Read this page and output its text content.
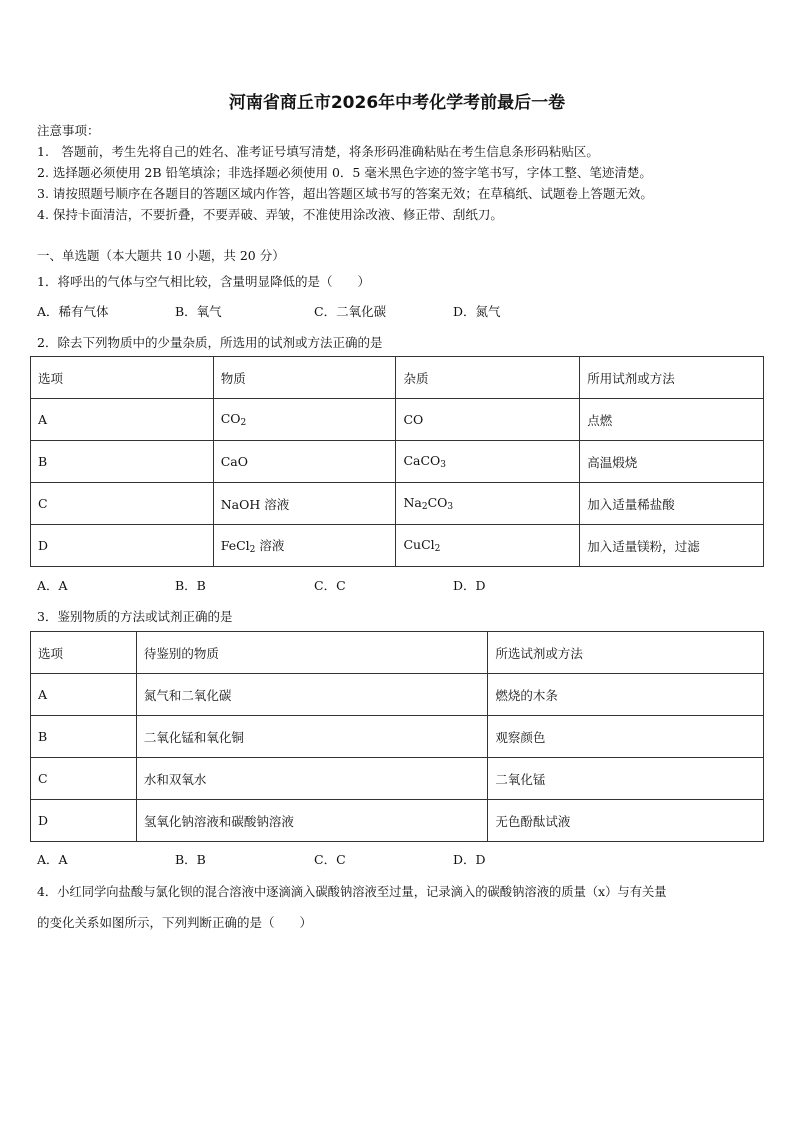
河南省商丘市2026年中考化学考前最后一卷
注意事项：
1.　答题前，考生先将自己的姓名、准考证号填写清楚，将条形码准确粘贴在考生信息条形码粘贴区。
2. 选择题必须使用 2B 铅笔填涂；非选择题必须使用 0．5 毫米黑色字迹的签字笔书写，字体工整、笔迹清楚。
3. 请按照题号顺序在各题目的答题区域内作答，超出答题区域书写的答案无效；在草稿纸、试题卷上答题无效。
4. 保持卡面清洁，不要折叠，不要弄破、弄皱，不准使用涂改液、修正带、刮纸刀。
一、单选题（本大题共 10 小题，共 20 分）
1．将呼出的气体与空气相比较，含量明显降低的是（　　）
A．稀有气体	B．氧气	C．二氧化碳	D．氮气
2．除去下列物质中的少量杂质，所选用的试剂或方法正确的是
选项	物质	杂质	所用试剂或方法
A	$CO_2$	CO	点燃
B	CaO	CaCO$_3$	高温煅烧
C	NaOH 溶液	$Na_2CO_3$	加入适量稀盐酸
D	FeCl$_2$ 溶液	CuCl$_2$	加入适量镁粉，过滤
A．A	B．B	C．C	D．D
3．鉴别物质的方法或试剂正确的是
选项	待鉴别的物质	所选试剂或方法
A	氮气和二氧化碳	燃烧的木条
B	二氧化锰和氧化铜	观察颜色
C	水和双氧水	二氧化锰
D	氢氧化钠溶液和碳酸钠溶液	无色酚酞试液
A．A	B．B	C．C	D．D
4．小红同学向盐酸与氯化钡的混合溶液中逐滴滴入碳酸钠溶液至过量，记录滴入的碳酸钠溶液的质量（x）与有关量
的变化关系如图所示，下列判断正确的是（　　）
